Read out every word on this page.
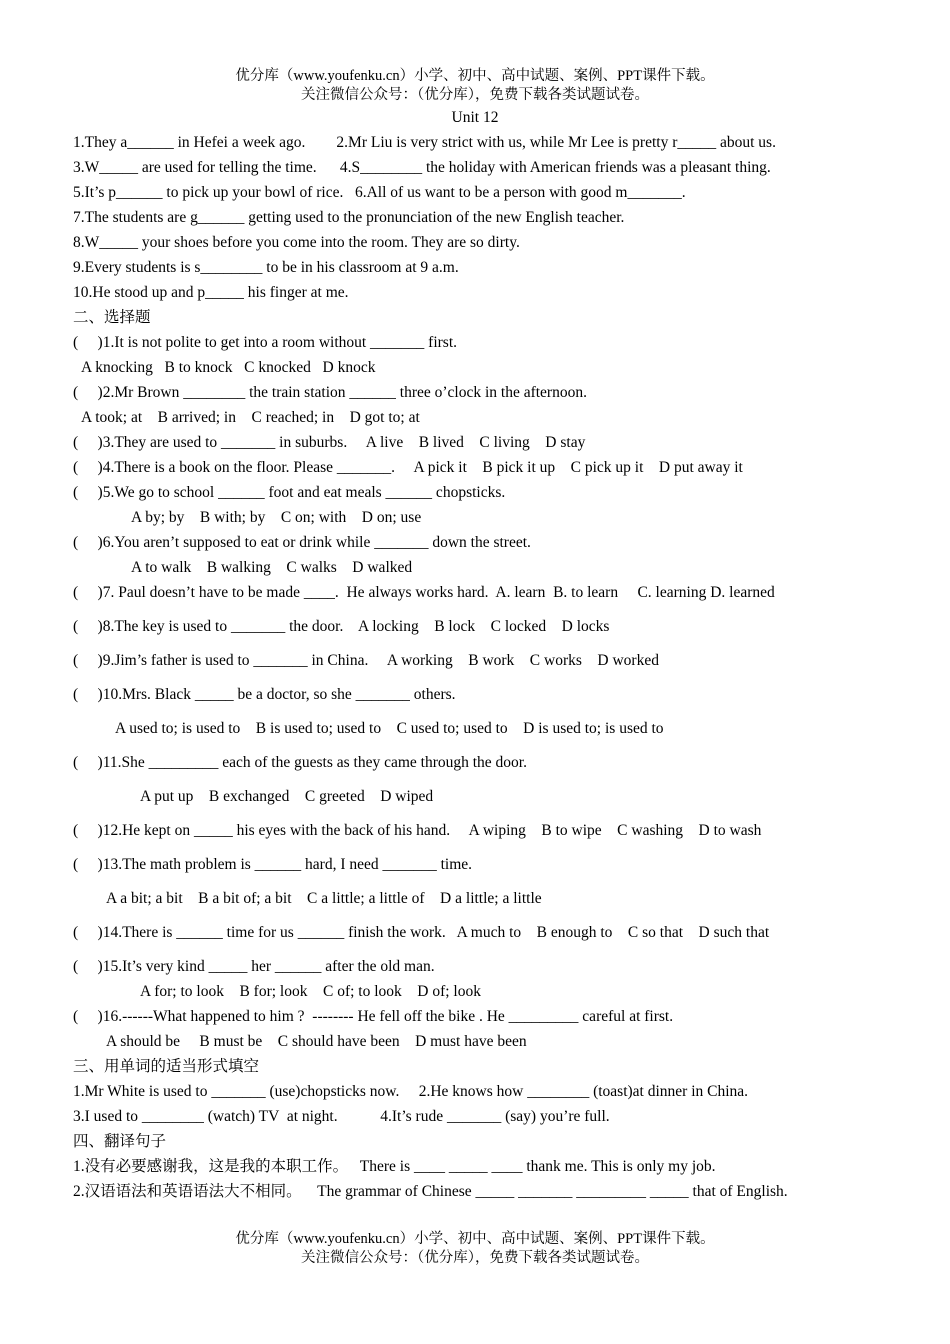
优分库（www.youfenku.cn）小学、初中、高中试题、案例、PPT课件下载。
关注微信公众号：（优分库），免费下载各类试题试卷。
Unit 12
1.They a______ in Hefei a week ago.        2.Mr Liu is very strict with us, while Mr Lee is pretty r_____ about us.
3.W_____ are used for telling the time.      4.S________ the holiday with American friends was a pleasant thing.
5.It’s p______ to pick up your bowl of rice.   6.All of us want to be a person with good m_______.
7.The students are g______ getting used to the pronunciation of the new English teacher.
8.W_____ your shoes before you come into the room. They are so dirty.
9.Every students is s________ to be in his classroom at 9 a.m.
10.He stood up and p_____ his finger at me.
二、选择题
(     )1.It is not polite to get into a room without _______ first.
A knocking   B to knock   C knocked   D knock
(     )2.Mr Brown ________ the train station ______ three o’clock in the afternoon.
A took; at    B arrived; in    C reached; in    D got to; at
(     )3.They are used to _______ in suburbs.     A live    B lived    C living    D stay
(     )4.There is a book on the floor. Please _______.     A pick it    B pick it up    C pick up it    D put away it
(     )5.We go to school ______ foot and eat meals ______ chopsticks.
A by; by    B with; by    C on; with    D on; use
(     )6.You aren’t supposed to eat or drink while _______ down the street.
A to walk    B walking    C walks    D walked
(     )7. Paul doesn’t have to be made ____.  He always works hard.  A. learn  B. to learn     C. learning D. learned
(     )8.The key is used to _______ the door.    A locking    B lock    C locked    D locks
(     )9.Jim’s father is used to _______ in China.     A working    B work    C works    D worked
(     )10.Mrs. Black _____ be a doctor, so she _______ others.
A used to; is used to    B is used to; used to    C used to; used to    D is used to; is used to
(     )11.She _________ each of the guests as they came through the door.
A put up    B exchanged    C greeted    D wiped
(     )12.He kept on _____ his eyes with the back of his hand.     A wiping    B to wipe    C washing    D to wash
(     )13.The math problem is ______ hard, I need _______ time.
A a bit; a bit    B a bit of; a bit    C a little; a little of    D a little; a little
(     )14.There is ______ time for us ______ finish the work.   A much to    B enough to    C so that    D such that
(     )15.It’s very kind _____ her ______ after the old man.
A for; to look    B for; look    C of; to look    D of; look
(     )16.------What happened to him ?  -------- He fell off the bike . He _________ careful at first.
A should be     B must be    C should have been    D must have been
三、用单词的适当形式填空
1.Mr White is used to _______ (use)chopsticks now.     2.He knows how ________ (toast)at dinner in China.
3.I used to ________ (watch) TV  at night.           4.It’s rude _______ (say) you’re full.
四、翻译句子
1.没有必要感谢我，这是我的本职工作。   There is ____ _____ ____ thank me. This is only my job.
2.汉语语法和英语语法大不相同。    The grammar of Chinese _____ _______ _________ _____ that of English.
优分库（www.youfenku.cn）小学、初中、高中试题、案例、PPT课件下载。
关注微信公众号：（优分库），免费下载各类试题试卷。
